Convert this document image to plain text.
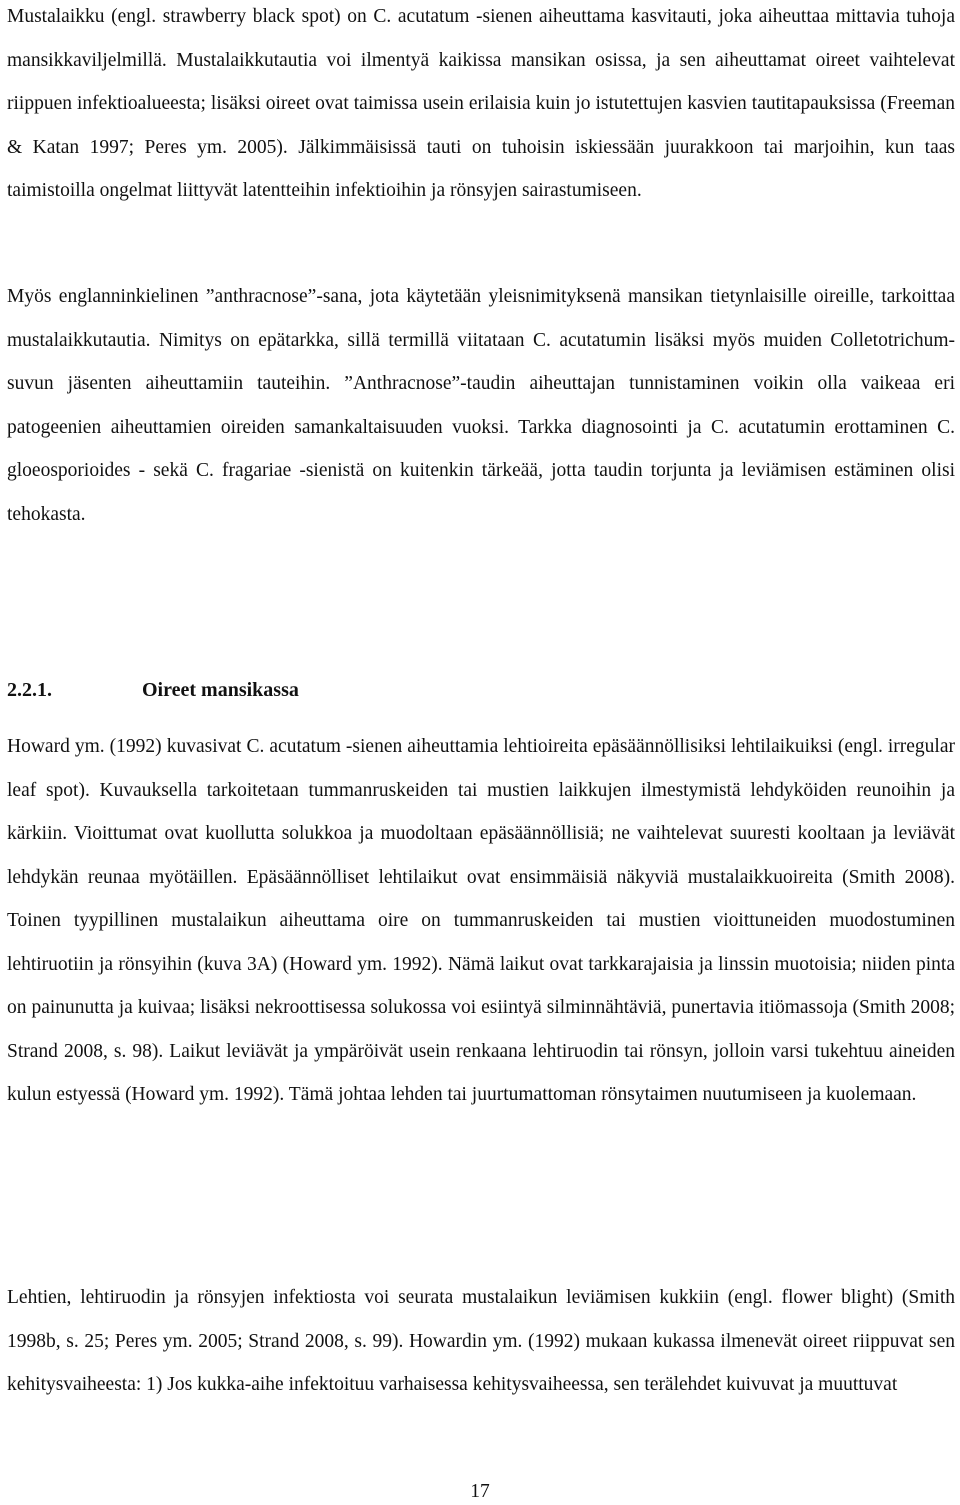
Mustalaikku (engl. strawberry black spot) on C. acutatum -sienen aiheuttama kasvitauti, joka aiheuttaa mittavia tuhoja mansikkaviljelmillä. Mustalaikkutautia voi ilmentyä kaikissa mansikan osissa, ja sen aiheuttamat oireet vaihtelevat riippuen infektioalueesta; lisäksi oireet ovat taimissa usein erilaisia kuin jo istutettujen kasvien tautitapauksissa (Freeman & Katan 1997; Peres ym. 2005). Jälkimmäisissä tauti on tuhoisin iskiessään juurakkoon tai marjoihin, kun taas taimistoilla ongelmat liittyvät latentteihin infektioihin ja rönsyjen sairastumiseen.

Myös englanninkielinen ”anthracnose”-sana, jota käytetään yleisnimityksenä mansikan tietynlaisille oireille, tarkoittaa mustalaikkutautia. Nimitys on epätarkka, sillä termillä viitataan C. acutatumin lisäksi myös muiden Colletotrichum-suvun jäsenten aiheuttamiin tauteihin. ”Anthracnose”-taudin aiheuttajan tunnistaminen voikin olla vaikeaa eri patogeenien aiheuttamien oireiden samankaltaisuuden vuoksi. Tarkka diagnosointi ja C. acutatumin erottaminen C. gloeosporioides - sekä C. fragariae -sienistä on kuitenkin tärkeää, jotta taudin torjunta ja leviämisen estäminen olisi tehokasta.

2.2.1.	Oireet mansikassa

Howard ym. (1992) kuvasivat C. acutatum -sienen aiheuttamia lehtioireita epäsäännöllisiksi lehtilaikuiksi (engl. irregular leaf spot). Kuvauksella tarkoitetaan tummanruskeiden tai mustien laikkujen ilmestymistä lehdyköiden reunoihin ja kärkiin. Vioittumat ovat kuollutta solukkoa ja muodoltaan epäsäännöllisiä; ne vaihtelevat suuresti kooltaan ja leviävät lehdykän reunaa myötäillen. Epäsäännölliset lehtilaikut ovat ensimmäisiä näkyviä mustalaikkuoireita (Smith 2008). Toinen tyypillinen mustalaikun aiheuttama oire on tummanruskeiden tai mustien vioittuneiden muodostuminen lehtiruotiin ja rönsyihin (kuva 3A) (Howard ym. 1992). Nämä laikut ovat tarkkarajaisia ja linssin muotoisia; niiden pinta on painunutta ja kuivaa; lisäksi nekroottisessa solukossa voi esiintyä silminnähtäviä, punertavia itiömassoja (Smith 2008; Strand 2008, s. 98). Laikut leviävät ja ympäröivät usein renkaana lehtiruodin tai rönsyn, jolloin varsi tukehtuu aineiden kulun estyessä (Howard ym. 1992). Tämä johtaa lehden tai juurtumattoman rönsytaimen nuutumiseen ja kuolemaan.

Lehtien, lehtiruodin ja rönsyjen infektiosta voi seurata mustalaikun leviämisen kukkiin (engl. flower blight) (Smith 1998b, s. 25; Peres ym. 2005; Strand 2008, s. 99). Howardin ym. (1992) mukaan kukassa ilmenevät oireet riippuvat sen kehitysvaiheesta: 1) Jos kukka-aihe infektoituu varhaisessa kehitysvaiheessa, sen terälehdet kuivuvat ja muuttuvat

17
